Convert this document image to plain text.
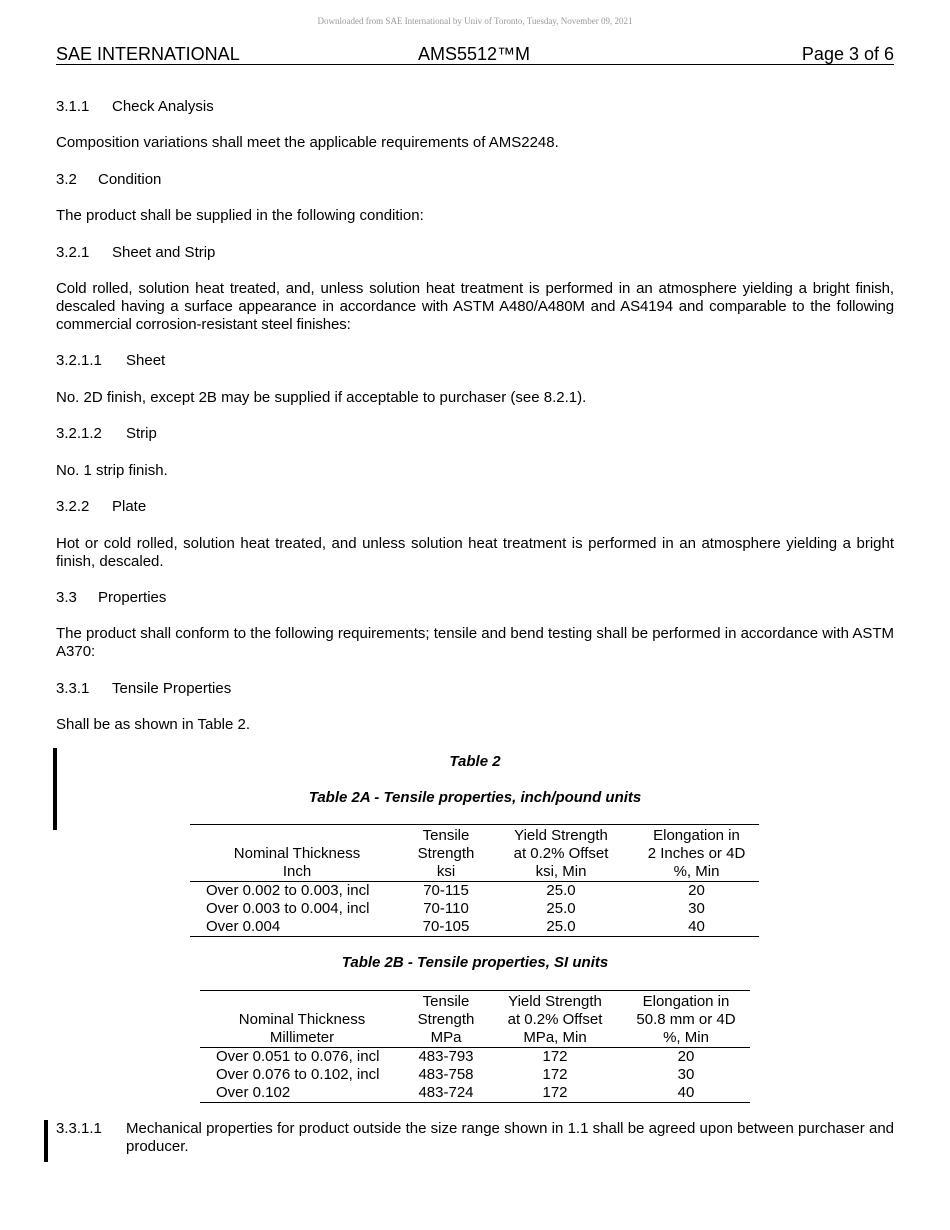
Downloaded from SAE International by Univ of Toronto, Tuesday, November 09, 2021
SAE INTERNATIONAL	AMS5512™M	Page 3 of 6

3.1.1 Check Analysis

Composition variations shall meet the applicable requirements of AMS2248.

3.2 Condition

The product shall be supplied in the following condition:

3.2.1 Sheet and Strip

Cold rolled, solution heat treated, and, unless solution heat treatment is performed in an atmosphere yielding a bright finish, descaled having a surface appearance in accordance with ASTM A480/A480M and AS4194 and comparable to the following commercial corrosion-resistant steel finishes:

3.2.1.1 Sheet

No. 2D finish, except 2B may be supplied if acceptable to purchaser (see 8.2.1).

3.2.1.2 Strip

No. 1 strip finish.

3.2.2 Plate

Hot or cold rolled, solution heat treated, and unless solution heat treatment is performed in an atmosphere yielding a bright finish, descaled.

3.3 Properties

The product shall conform to the following requirements; tensile and bend testing shall be performed in accordance with ASTM A370:

3.3.1 Tensile Properties

Shall be as shown in Table 2.

Table 2
Table 2A - Tensile properties, inch/pound units
	Tensile	Yield Strength	Elongation in
Nominal Thickness	Strength	at 0.2% Offset	2 Inches or 4D
Inch	ksi	ksi, Min	%, Min
Over 0.002 to 0.003, incl	70-115	25.0	20
Over 0.003 to 0.004, incl	70-110	25.0	30
Over 0.004	70-105	25.0	40
Table 2B - Tensile properties, SI units
	Tensile	Yield Strength	Elongation in
Nominal Thickness	Strength	at 0.2% Offset	50.8 mm or 4D
Millimeter	MPa	MPa, Min	%, Min
Over 0.051 to 0.076, incl	483-793	172	20
Over 0.076 to 0.102, incl	483-758	172	30
Over 0.102	483-724	172	40
3.3.1.1	Mechanical properties for product outside the size range shown in 1.1 shall be agreed upon between purchaser and producer.
